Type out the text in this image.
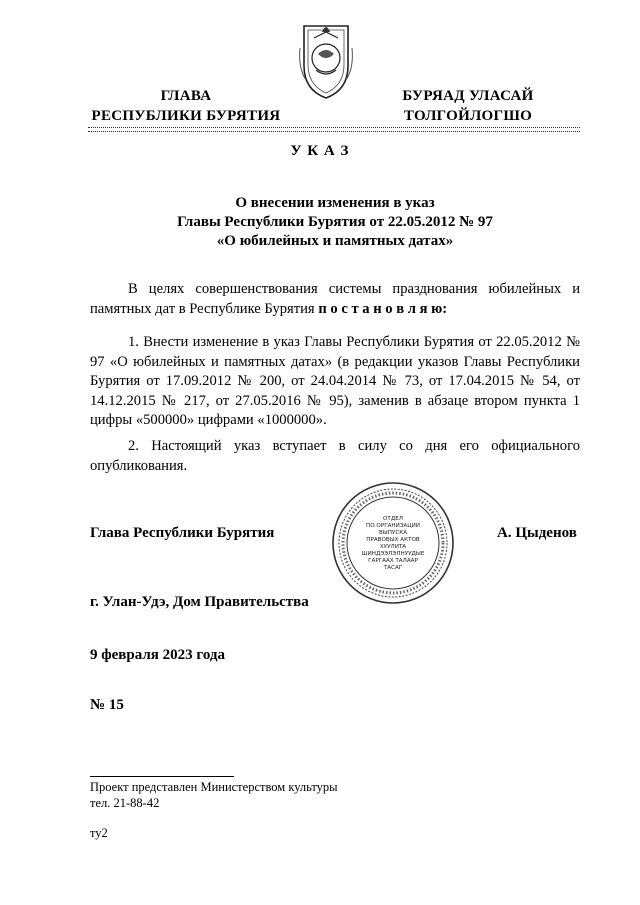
ГЛАВА
РЕСПУБЛИКИ БУРЯТИЯ
БУРЯАД УЛАСАЙ
ТОЛГОЙЛОГШО
У К А З
О внесении изменения в указ
Главы Республики Бурятия от 22.05.2012 № 97
«О юбилейных и памятных датах»
В целях совершенствования системы празднования юбилейных и памятных дат в Республике Бурятия п о с т а н о в л я ю:
1. Внести изменение в указ Главы Республики Бурятия от 22.05.2012 № 97 «О юбилейных и памятных датах» (в редакции указов Главы Республики Бурятия от 17.09.2012 № 200, от 24.04.2014 № 73, от 17.04.2015 № 54, от 14.12.2015 № 217, от 27.05.2016 № 95), заменив в абзаце втором пункта 1 цифры «500000» цифрами «1000000».
2. Настоящий указ вступает в силу со дня его официального опубликования.
ОТДЕЛ
ПО ОРГАНИЗАЦИИ
ВЫПУСКА
ПРАВОВЫХ АКТОВ
ХУУЛИТА
ШИНДЭЭЛЭЛНУУДЫЕ
ГАРГААХ ТАЛААР
ТАСАГ
Глава Республики Бурятия	А. Цыденов
г. Улан-Удэ, Дом Правительства
9 февраля 2023 года
№ 15
Проект представлен Министерством культуры
тел. 21-88-42
ту2
